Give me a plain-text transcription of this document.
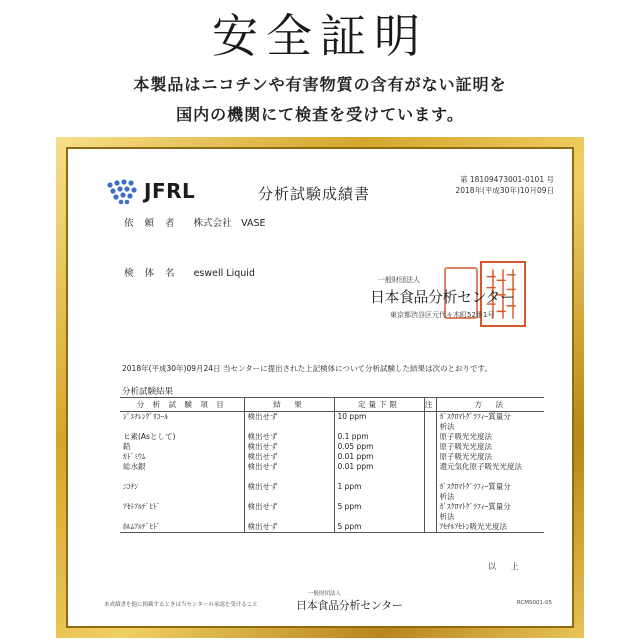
安全証明
本製品はニコチンや有害物質の含有がない証明を
国内の機関にて検査を受けています。
JFRL	分析試験成績書
第 18109473001-0101 号
2018年(平成30年)10月09日
依 頼 者 株式会社　VASE
検 体 名 eswell Liquid
一般財団法人
日本食品分析センター
東京都渋谷区元代々木町52番1号
2018年(平成30年)09月24日 当センターに提出された上記検体について分析試験した結果は次のとおりです。
分析試験結果
分 析 試 験 項 目	結　果	定量下限	注	方　法
ｼﾞｴﾁﾚﾝｸﾞﾘｺｰﾙ	検出せず	10 ppm		ｶﾞｽｸﾛﾏﾄｸﾞﾗﾌｨｰ質量分
				析法
ヒ素(Asとして)	検出せず	0.1 ppm		原子吸光光度法
鉛	検出せず	0.05 ppm		原子吸光光度法
ｶﾄﾞﾐｳﾑ	検出せず	0.01 ppm		原子吸光光度法
総水銀	検出せず	0.01 ppm		還元気化原子吸光光度法

ﾆｺﾁﾝ	検出せず	1 ppm		ｶﾞｽｸﾛﾏﾄｸﾞﾗﾌｨｰ質量分
				析法
ｱｾﾄｱﾙﾃﾞﾋﾄﾞ	検出せず	5 ppm		ｶﾞｽｸﾛﾏﾄｸﾞﾗﾌｨｰ質量分
				析法
ﾎﾙﾑｱﾙﾃﾞﾋﾄﾞ	検出せず	5 ppm		ｱｾﾁﾙｱｾﾄﾝ吸光光度法
以 上
本成績書を他に掲載するときは当センターの承認を受けること
一般財団法人
日本食品分析センター	RCMS001-05
